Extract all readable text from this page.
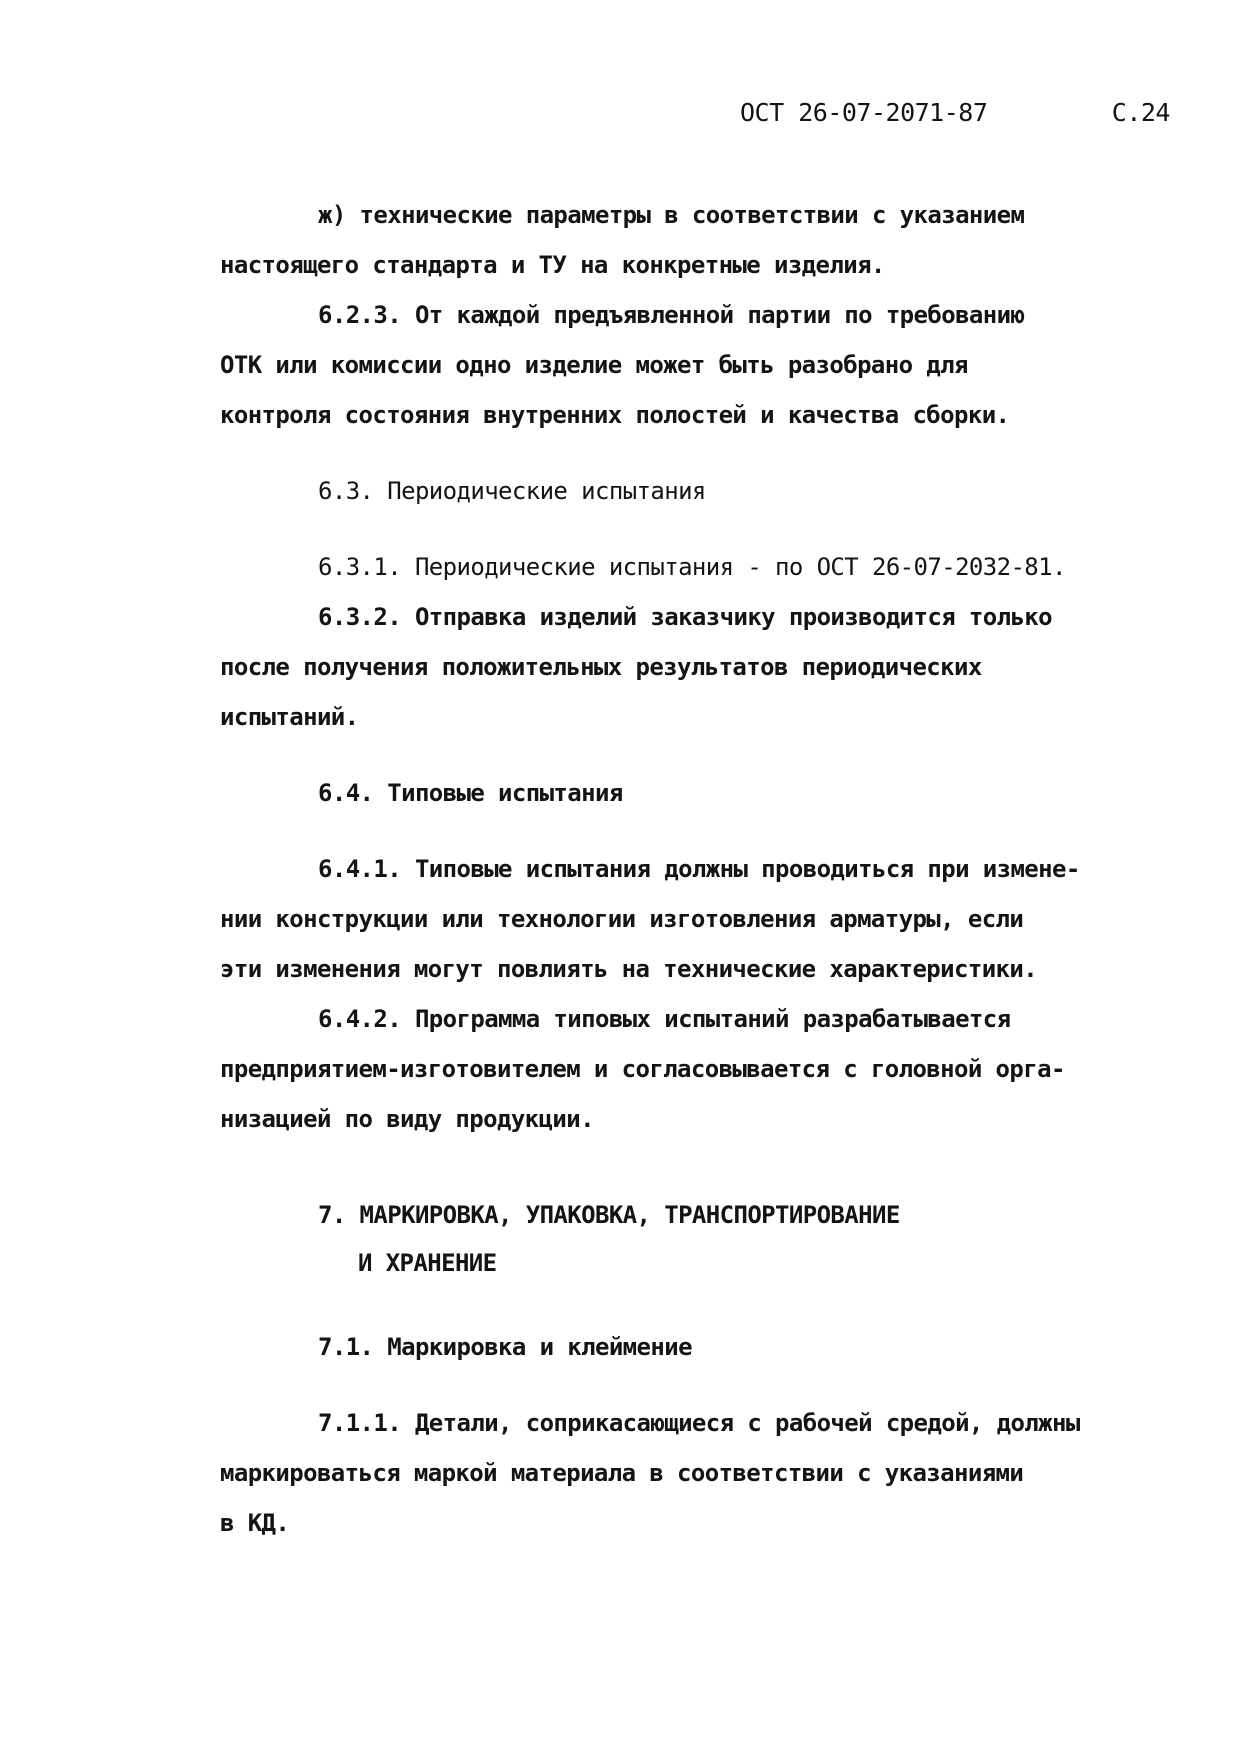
ОСТ 26-07-2071-87	С.24
ж) технические параметры в соответствии с указанием
настоящего стандарта и ТУ на конкретные изделия.
6.2.3. От каждой предъявленной партии по требованию
ОТК или комиссии одно изделие может быть разобрано для
контроля состояния внутренних полостей и качества сборки.
6.3. Периодические испытания
6.3.1. Периодические испытания - по ОСТ 26-07-2032-81.
6.3.2. Отправка изделий заказчику производится только
после получения положительных результатов периодических
испытаний.
6.4. Типовые испытания
6.4.1. Типовые испытания должны проводиться при измене-
нии конструкции или технологии изготовления арматуры, если
эти изменения могут повлиять на технические характеристики.
6.4.2. Программа типовых испытаний разрабатывается
предприятием-изготовителем и согласовывается с головной орга-
низацией по виду продукции.
7. МАРКИРОВКА, УПАКОВКА, ТРАНСПОРТИРОВАНИЕ
И ХРАНЕНИЕ
7.1. Маркировка и клеймение
7.1.1. Детали, соприкасающиеся с рабочей средой, должны
маркироваться маркой материала в соответствии с указаниями
в КД.
